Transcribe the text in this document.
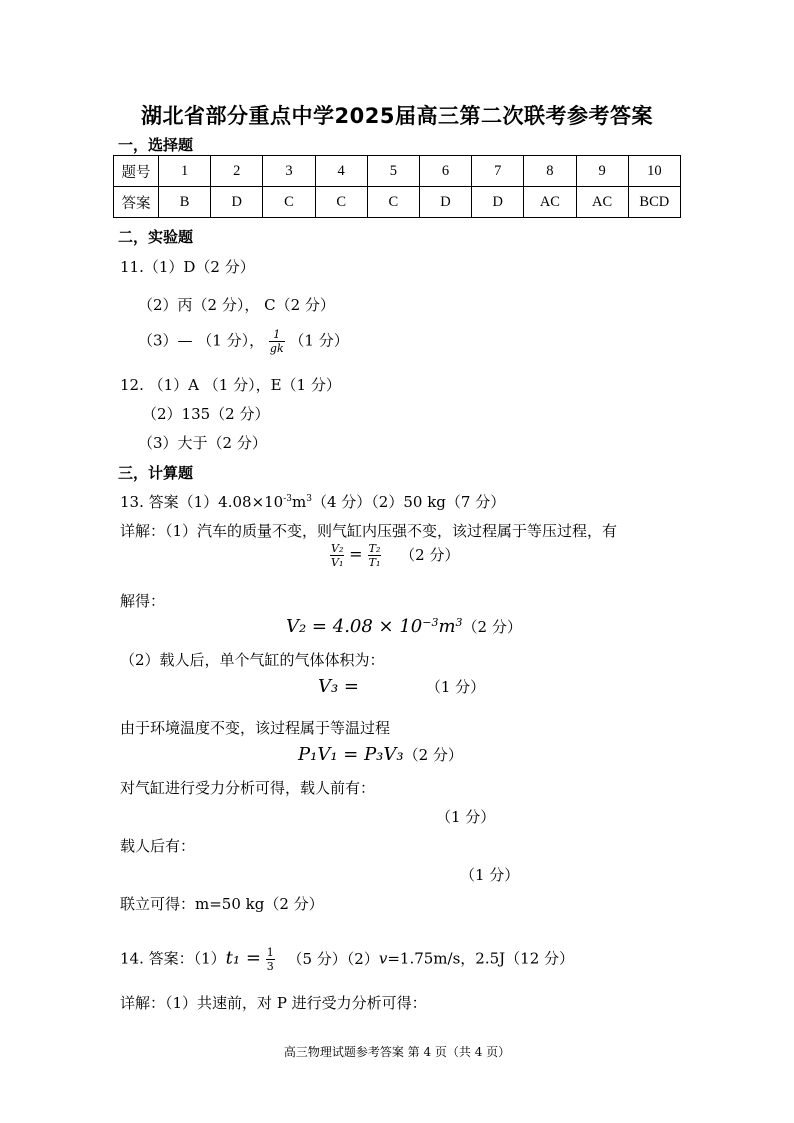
湖北省部分重点中学2025届高三第二次联考参考答案
一，选择题
题号	1	2	3	4	5	6	7	8	9	10
答案	B	D	C	C	C	D	D	AC	AC	BCD
二，实验题
11.（1）D（2 分）
（2）丙（2 分）， C（2 分）
（3）— （1 分）， $\frac{1}{gk} (1$ 分）
12. （1）A （1 分），E（1 分）
（2）135（2 分）
（3）大于（2 分）
三，计算题
13. 答案$(1)4.08\times 10^{-3}m^3(4$ 分）（2）50 kg（7 分）
详解：（1）汽车的质量不变，则气缸内压强不变，该过程属于等压过程，有
$\frac{\text{V₂}}{\text{V₁}} = \frac{\text{T₂}}{\text{T₁}} (2$ 分）
解得：
$V_2 = 4.08 \times 10^{-3}m^3(2$ 分）
（2）载人后，单个气缸的气体体积为：
V₃ =	（1 分）
由于环境温度不变，该过程属于等温过程
P₁V₁ = P₃V₃（2 分）
对气缸进行受力分析可得，载人前有：
（1 分）
载人后有：
（1 分）
联立可得：m=50 kg（2 分）
14. 答案：$(1)t_1 = \frac{1}{3} (5$ 分）（2）v=1.75m/s，2.5J（12 分）
详解：（1）共速前，对 P 进行受力分析可得：
高三物理试题参考答案 第 4 页（共 4 页）
